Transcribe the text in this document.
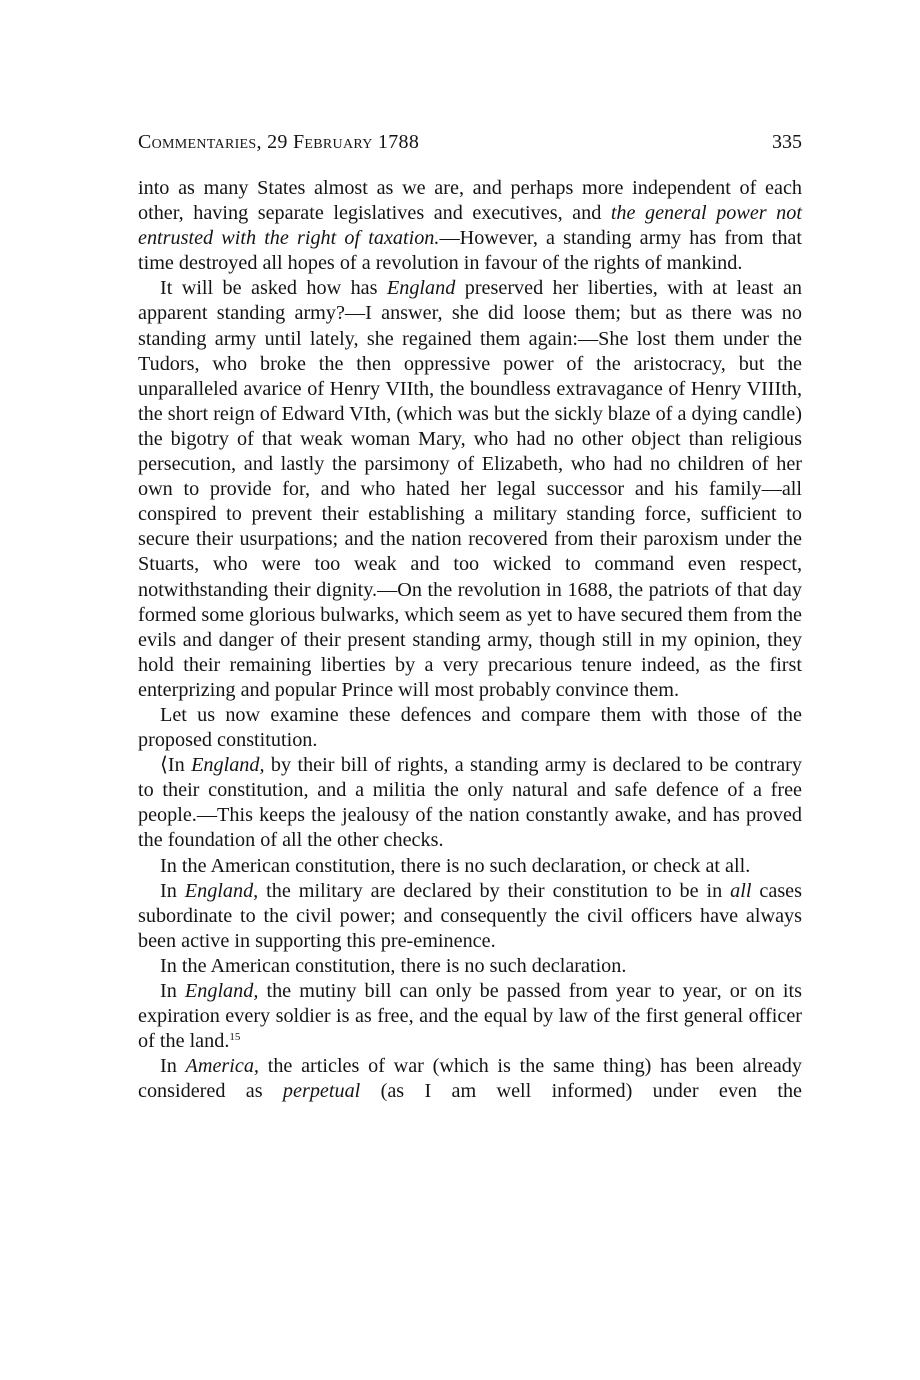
Commentaries, 29 February 1788	335

into as many States almost as we are, and perhaps more independent of each other, having separate legislatives and executives, and the general power not entrusted with the right of taxation.—However, a standing army has from that time destroyed all hopes of a revolution in favour of the rights of mankind.

It will be asked how has England preserved her liberties, with at least an apparent standing army?—I answer, she did loose them; but as there was no standing army until lately, she regained them again:—She lost them under the Tudors, who broke the then oppressive power of the aristocracy, but the unparalleled avarice of Henry VIIth, the boundless extravagance of Henry VIIIth, the short reign of Edward VIth, (which was but the sickly blaze of a dying candle) the bigotry of that weak woman Mary, who had no other object than religious persecution, and lastly the parsimony of Elizabeth, who had no children of her own to provide for, and who hated her legal successor and his family—all conspired to prevent their establishing a military standing force, sufficient to secure their usurpations; and the nation recovered from their paroxism under the Stuarts, who were too weak and too wicked to command even respect, notwithstanding their dignity.—On the revolution in 1688, the patriots of that day formed some glorious bulwarks, which seem as yet to have secured them from the evils and danger of their present standing army, though still in my opinion, they hold their remaining liberties by a very precarious tenure indeed, as the first enterprizing and popular Prince will most probably convince them.

Let us now examine these defences and compare them with those of the proposed constitution.

⟨In England, by their bill of rights, a standing army is declared to be contrary to their constitution, and a militia the only natural and safe defence of a free people.—This keeps the jealousy of the nation constantly awake, and has proved the foundation of all the other checks.

In the American constitution, there is no such declaration, or check at all.

In England, the military are declared by their constitution to be in all cases subordinate to the civil power; and consequently the civil officers have always been active in supporting this pre-eminence.

In the American constitution, there is no such declaration.

In England, the mutiny bill can only be passed from year to year, or on its expiration every soldier is as free, and the equal by law of the first general officer of the land.$^{15}$

In America, the articles of war (which is the same thing) has been already considered as perpetual (as I am well informed) under even the
